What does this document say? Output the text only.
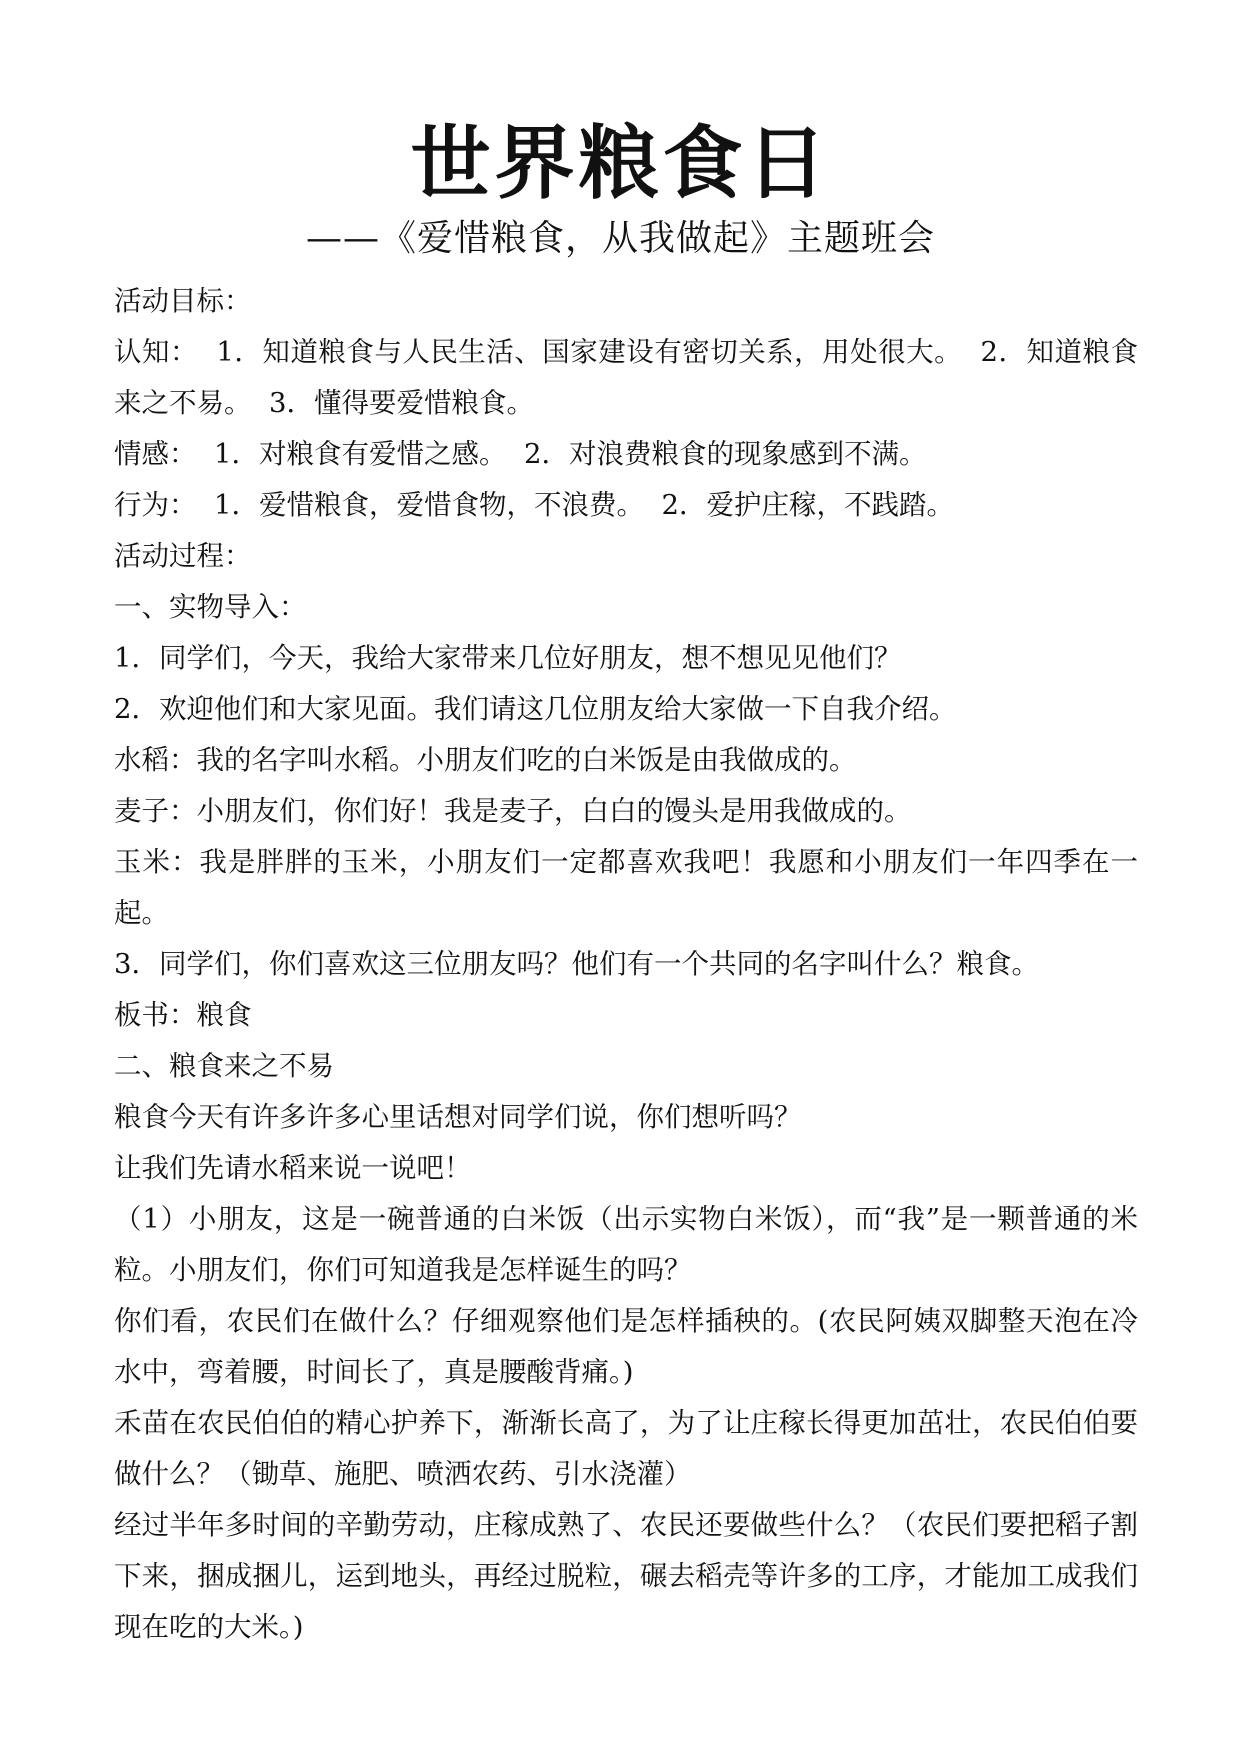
世界粮食日
——《爱惜粮食，从我做起》主题班会

活动目标：

认知：  1．知道粮食与人民生活、国家建设有密切关系，用处很大。  2．知道粮食来之不易。  3．懂得要爱惜粮食。

情感：  1．对粮食有爱惜之感。  2．对浪费粮食的现象感到不满。

行为：  1．爱惜粮食，爱惜食物，不浪费。  2．爱护庄稼，不践踏。

活动过程：

一、实物导入：

1．同学们，今天，我给大家带来几位好朋友，想不想见见他们？

2．欢迎他们和大家见面。我们请这几位朋友给大家做一下自我介绍。

水稻：我的名字叫水稻。小朋友们吃的白米饭是由我做成的。

麦子：小朋友们，你们好！我是麦子，白白的馒头是用我做成的。

玉米：我是胖胖的玉米，小朋友们一定都喜欢我吧！我愿和小朋友们一年四季在一起。

3．同学们，你们喜欢这三位朋友吗？他们有一个共同的名字叫什么？粮食。

板书：粮食

二、粮食来之不易

粮食今天有许多许多心里话想对同学们说，你们想听吗？

让我们先请水稻来说一说吧！

（1）小朋友，这是一碗普通的白米饭（出示实物白米饭），而“我”是一颗普通的米粒。小朋友们，你们可知道我是怎样诞生的吗？

你们看，农民们在做什么？仔细观察他们是怎样插秧的。(农民阿姨双脚整天泡在冷水中，弯着腰，时间长了，真是腰酸背痛。)

禾苗在农民伯伯的精心护养下，渐渐长高了，为了让庄稼长得更加茁壮，农民伯伯要做什么？（锄草、施肥、喷洒农药、引水浇灌）

经过半年多时间的辛勤劳动，庄稼成熟了、农民还要做些什么？（农民们要把稻子割下来，捆成捆儿，运到地头，再经过脱粒，碾去稻壳等许多的工序，才能加工成我们现在吃的大米。)
